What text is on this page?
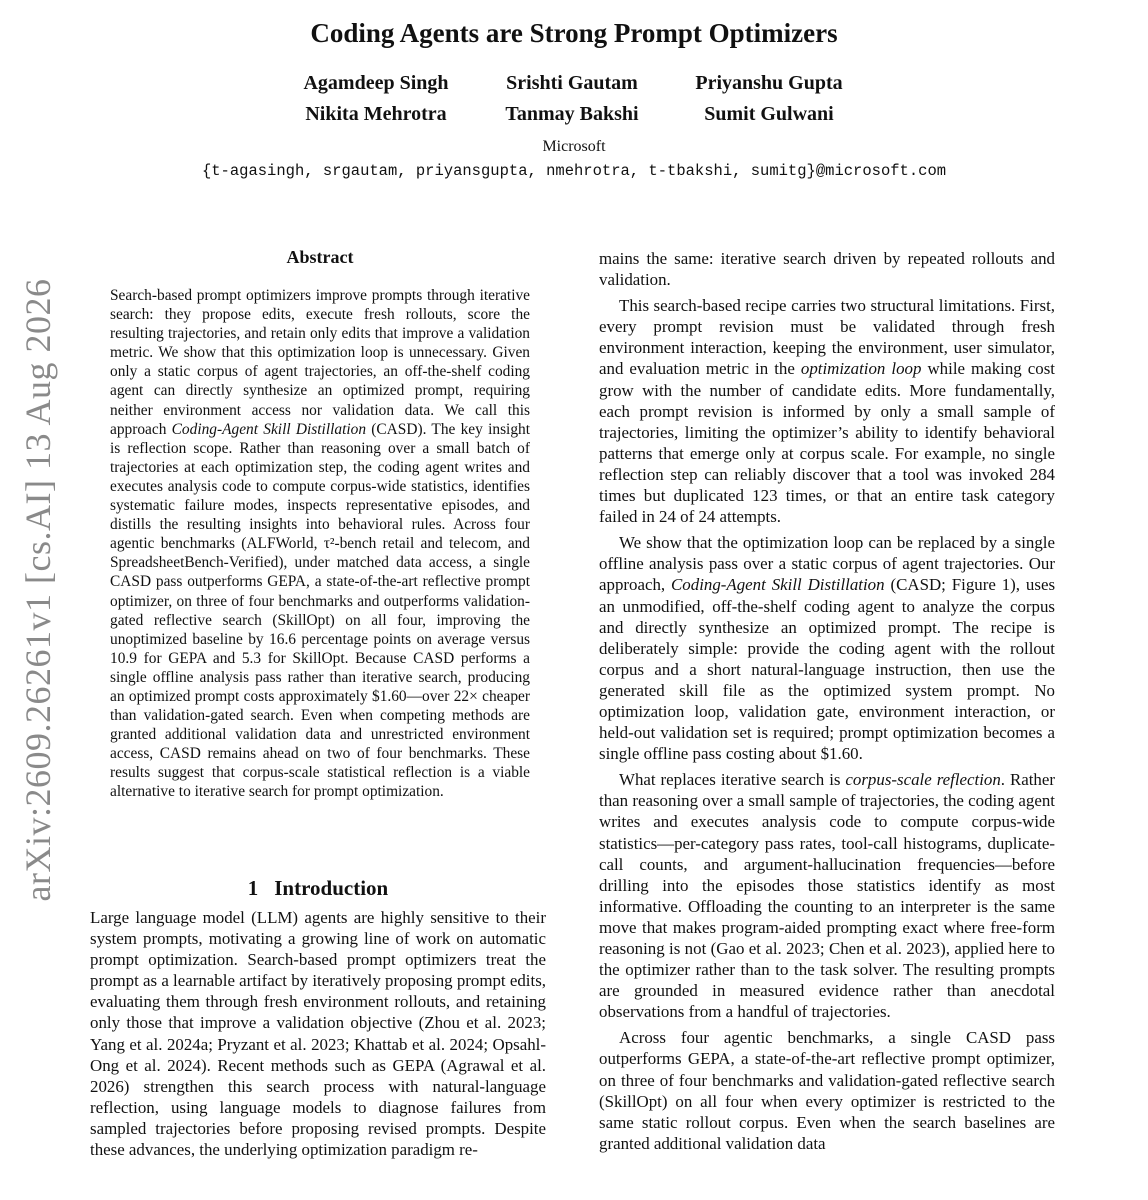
Coding Agents are Strong Prompt Optimizers
Agamdeep Singh	Srishti Gautam	Priyanshu Gupta
Nikita Mehrotra	Tanmay Bakshi	Sumit Gulwani
Microsoft
{t-agasingh, srgautam, priyansgupta, nmehrotra, t-tbakshi, sumitg}@microsoft.com
arXiv:2609.26261v1 [cs.AI] 13 Aug 2026
Abstract

Search-based prompt optimizers improve prompts through iterative search: they propose edits, execute fresh rollouts, score the resulting trajectories, and retain only edits that improve a validation metric. We show that this optimization loop is unnecessary. Given only a static corpus of agent trajectories, an off-the-shelf coding agent can directly synthesize an optimized prompt, requiring neither environment access nor validation data. We call this approach Coding-Agent Skill Distillation (CASD). The key insight is reflection scope. Rather than reasoning over a small batch of trajectories at each optimization step, the coding agent writes and executes analysis code to compute corpus-wide statistics, identifies systematic failure modes, inspects representative episodes, and distills the resulting insights into behavioral rules. Across four agentic benchmarks (ALFWorld, τ²-bench retail and telecom, and SpreadsheetBench-Verified), under matched data access, a single CASD pass outperforms GEPA, a state-of-the-art reflective prompt optimizer, on three of four benchmarks and outperforms validation-gated reflective search (SkillOpt) on all four, improving the unoptimized baseline by 16.6 percentage points on average versus 10.9 for GEPA and 5.3 for SkillOpt. Because CASD performs a single offline analysis pass rather than iterative search, producing an optimized prompt costs approximately $1.60—over 22× cheaper than validation-gated search. Even when competing methods are granted additional validation data and unrestricted environment access, CASD remains ahead on two of four benchmarks. These results suggest that corpus-scale statistical reflection is a viable alternative to iterative search for prompt optimization.

1 Introduction

Large language model (LLM) agents are highly sensitive to their system prompts, motivating a growing line of work on automatic prompt optimization. Search-based prompt optimizers treat the prompt as a learnable artifact by iteratively proposing prompt edits, evaluating them through fresh environment rollouts, and retaining only those that improve a validation objective (Zhou et al. 2023; Yang et al. 2024a; Pryzant et al. 2023; Khattab et al. 2024; Opsahl-Ong et al. 2024). Recent methods such as GEPA (Agrawal et al. 2026) strengthen this search process with natural-language reflection, using language models to diagnose failures from sampled trajectories before proposing revised prompts. Despite these advances, the underlying optimization paradigm re-

mains the same: iterative search driven by repeated rollouts and validation.

This search-based recipe carries two structural limitations. First, every prompt revision must be validated through fresh environment interaction, keeping the environment, user simulator, and evaluation metric in the optimization loop while making cost grow with the number of candidate edits. More fundamentally, each prompt revision is informed by only a small sample of trajectories, limiting the optimizer’s ability to identify behavioral patterns that emerge only at corpus scale. For example, no single reflection step can reliably discover that a tool was invoked 284 times but duplicated 123 times, or that an entire task category failed in 24 of 24 attempts.

We show that the optimization loop can be replaced by a single offline analysis pass over a static corpus of agent trajectories. Our approach, Coding-Agent Skill Distillation (CASD; Figure 1), uses an unmodified, off-the-shelf coding agent to analyze the corpus and directly synthesize an optimized prompt. The recipe is deliberately simple: provide the coding agent with the rollout corpus and a short natural-language instruction, then use the generated skill file as the optimized system prompt. No optimization loop, validation gate, environment interaction, or held-out validation set is required; prompt optimization becomes a single offline pass costing about $1.60.

What replaces iterative search is corpus-scale reflection. Rather than reasoning over a small sample of trajectories, the coding agent writes and executes analysis code to compute corpus-wide statistics—per-category pass rates, tool-call histograms, duplicate-call counts, and argument-hallucination frequencies—before drilling into the episodes those statistics identify as most informative. Offloading the counting to an interpreter is the same move that makes program-aided prompting exact where free-form reasoning is not (Gao et al. 2023; Chen et al. 2023), applied here to the optimizer rather than to the task solver. The resulting prompts are grounded in measured evidence rather than anecdotal observations from a handful of trajectories.

Across four agentic benchmarks, a single CASD pass outperforms GEPA, a state-of-the-art reflective prompt optimizer, on three of four benchmarks and validation-gated reflective search (SkillOpt) on all four when every optimizer is restricted to the same static rollout corpus. Even when the search baselines are granted additional validation data
